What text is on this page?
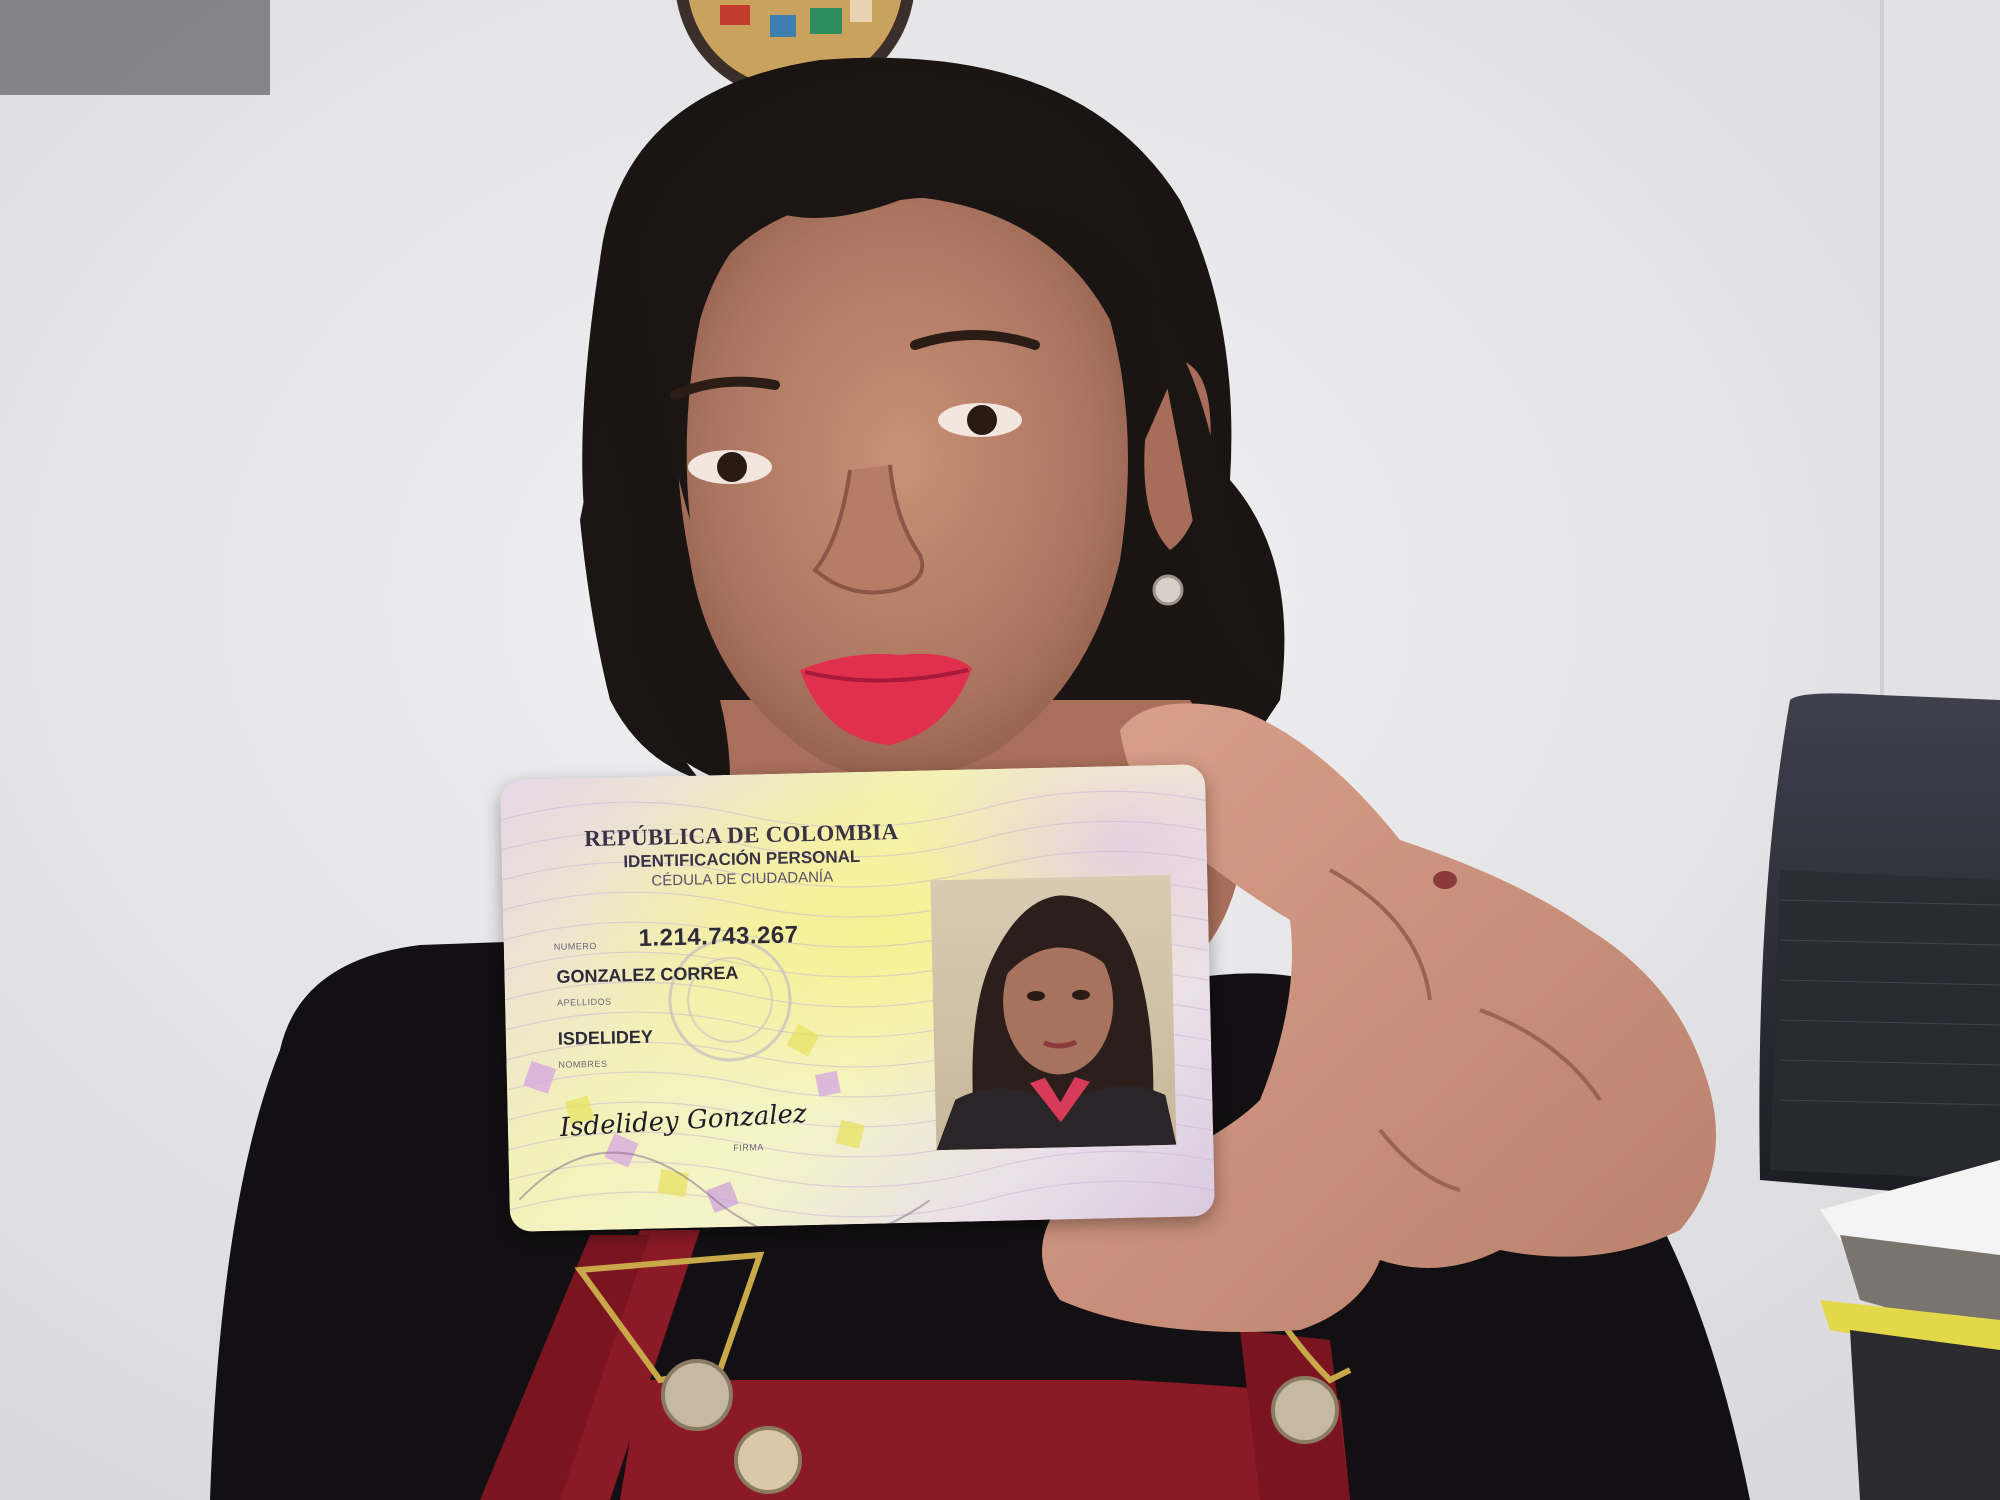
REPÚBLICA DE COLOMBIA
IDENTIFICACIÓN PERSONAL
CÉDULA DE CIUDADANÍA
NUMERO 1.214.743.267
GONZALEZ CORREA
APELLIDOS
ISDELIDEY
NOMBRES
Isdelidey Gonzalez
FIRMA
